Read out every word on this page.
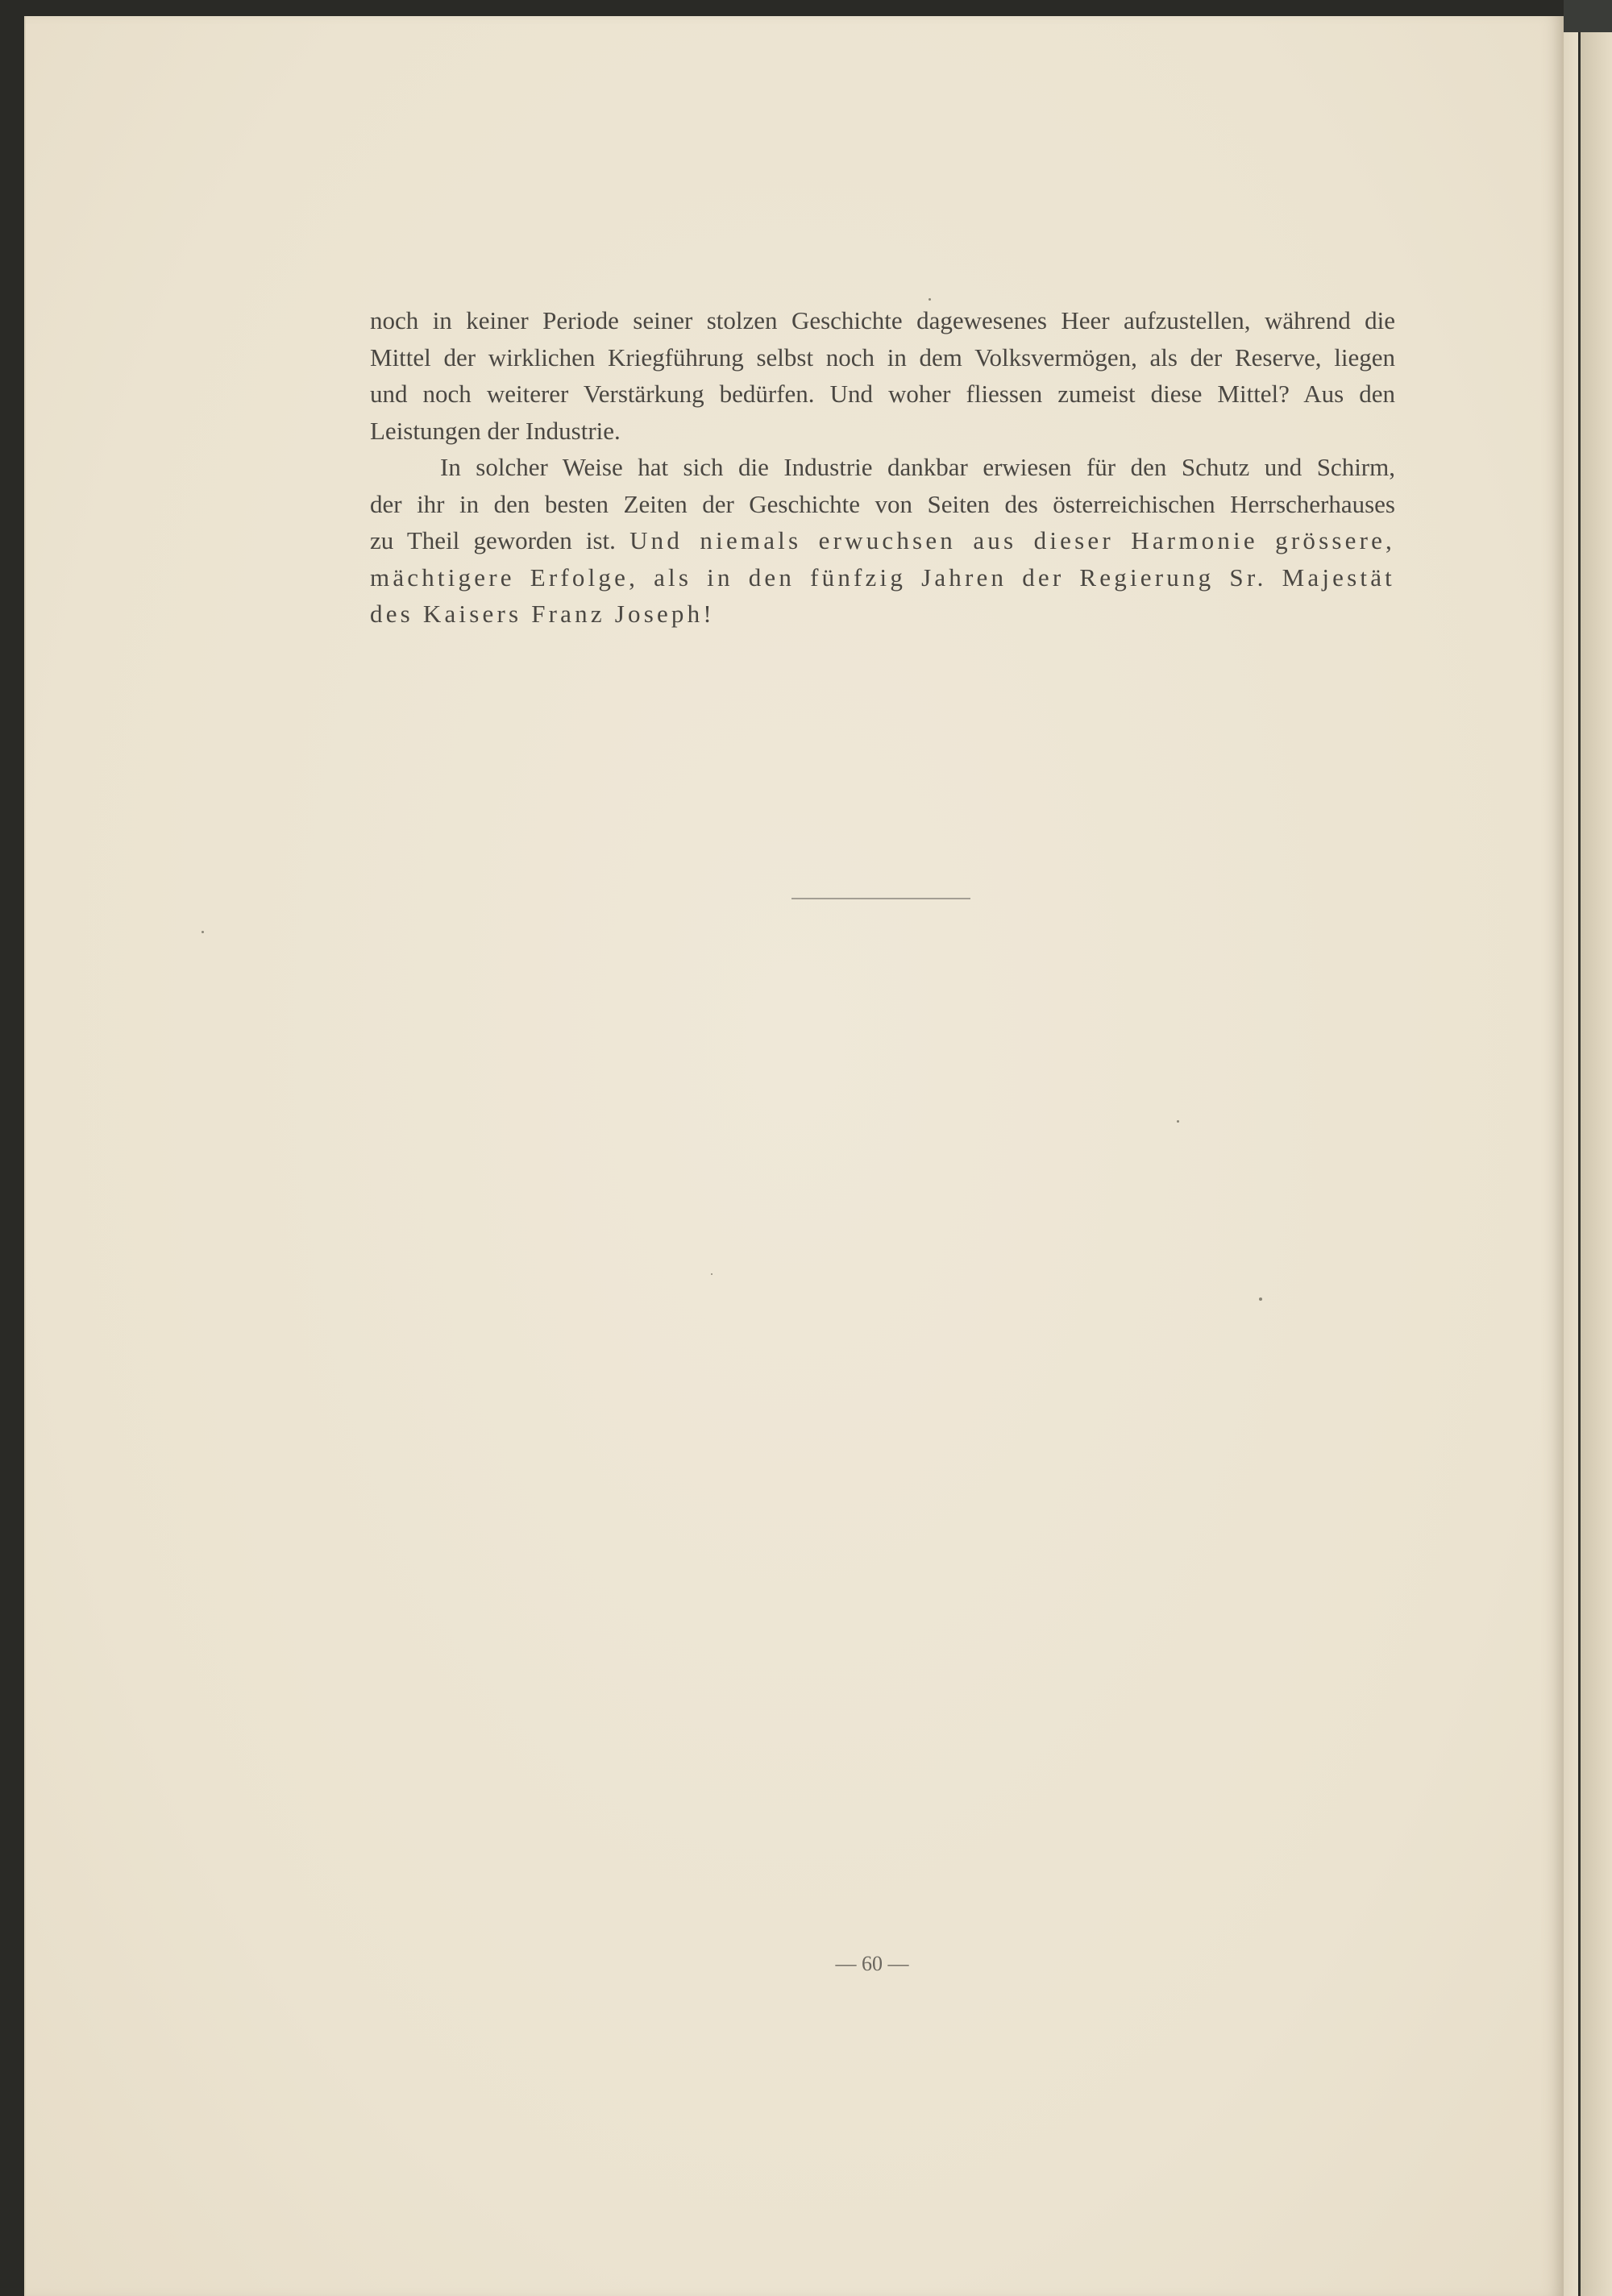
noch in keiner Periode seiner stolzen Geschichte dagewesenes Heer aufzustellen, während die
Mittel der wirklichen Kriegführung selbst noch in dem Volksvermögen, als der Reserve, liegen
und noch weiterer Verstärkung bedürfen. Und woher fliessen zumeist diese Mittel? Aus den
Leistungen der Industrie.
In solcher Weise hat sich die Industrie dankbar erwiesen für den Schutz und Schirm,
der ihr in den besten Zeiten der Geschichte von Seiten des österreichischen Herrscherhauses
zu Theil geworden ist. Und niemals erwuchsen aus dieser Harmonie grössere,
mächtigere Erfolge, als in den fünfzig Jahren der Regierung Sr. Majestät
des Kaisers Franz Joseph!
— 60 —
